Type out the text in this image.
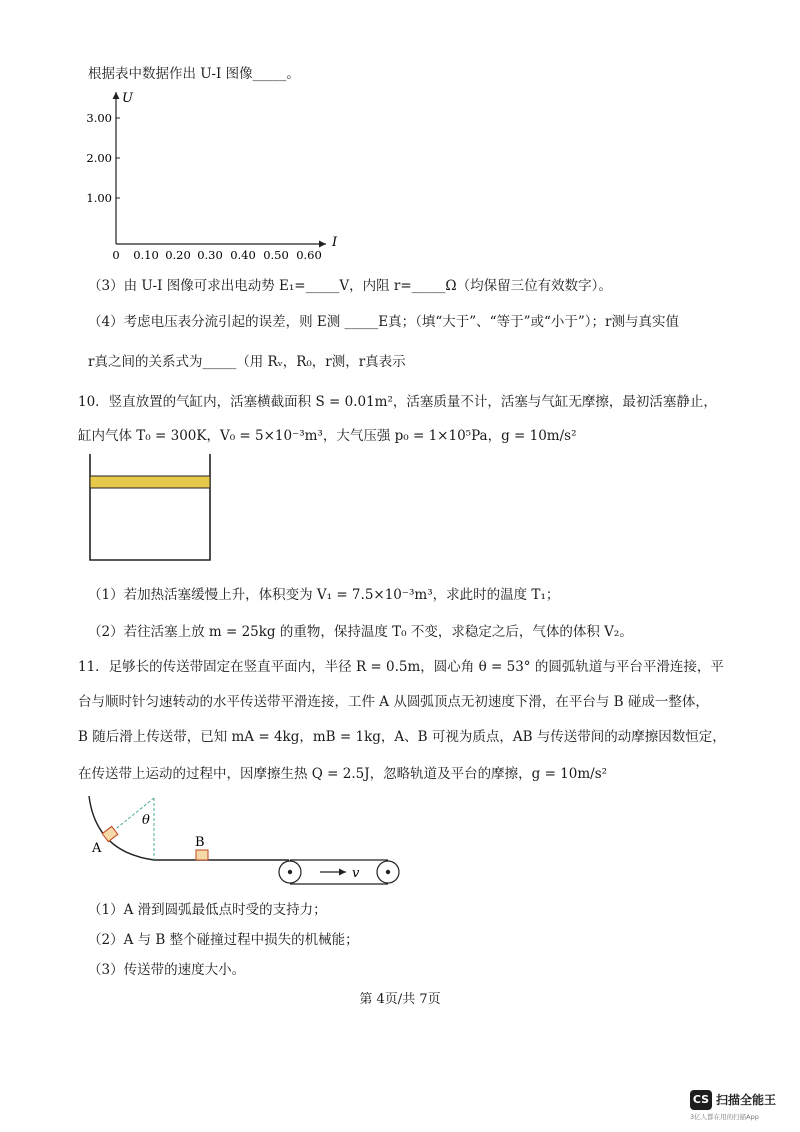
根据表中数据作出 U-I 图像_____。
U
I
3.00
2.00
1.00
0 0.10 0.20 0.30 0.40 0.50 0.60
（3）由 U-I 图像可求出电动势 E₁=_____V，内阻 r=_____Ω（均保留三位有效数字）。
（4）考虑电压表分流引起的误差，则 E测 _____E真；（填“大于”、“等于”或“小于”）；r测与真实值
r真之间的关系式为_____（用 Rᵥ，R₀，r测，r真表示
10．竖直放置的气缸内，活塞横截面积 S = 0.01m²，活塞质量不计，活塞与气缸无摩擦，最初活塞静止，
缸内气体 T₀ = 300K，V₀ = 5×10⁻³m³，大气压强 p₀ = 1×10⁵Pa，g = 10m/s²
（1）若加热活塞缓慢上升，体积变为 V₁ = 7.5×10⁻³m³，求此时的温度 T₁；
（2）若往活塞上放 m = 25kg 的重物，保持温度 T₀ 不变，求稳定之后，气体的体积 V₂。
11．足够长的传送带固定在竖直平面内，半径 R = 0.5m，圆心角 θ = 53° 的圆弧轨道与平台平滑连接，平
台与顺时针匀速转动的水平传送带平滑连接，工件 A 从圆弧顶点无初速度下滑，在平台与 B 碰成一整体，
B 随后滑上传送带，已知 mA = 4kg，mB = 1kg，A、B 可视为质点，AB 与传送带间的动摩擦因数恒定，
在传送带上运动的过程中，因摩擦生热 Q = 2.5J，忽略轨道及平台的摩擦，g = 10m/s²
θ
A	B
v
（1）A 滑到圆弧最低点时受的支持力；
（2）A 与 B 整个碰撞过程中损失的机械能；
（3）传送带的速度大小。
第 4页/共 7页
CS 扫描全能王
3亿人都在用的扫描App
